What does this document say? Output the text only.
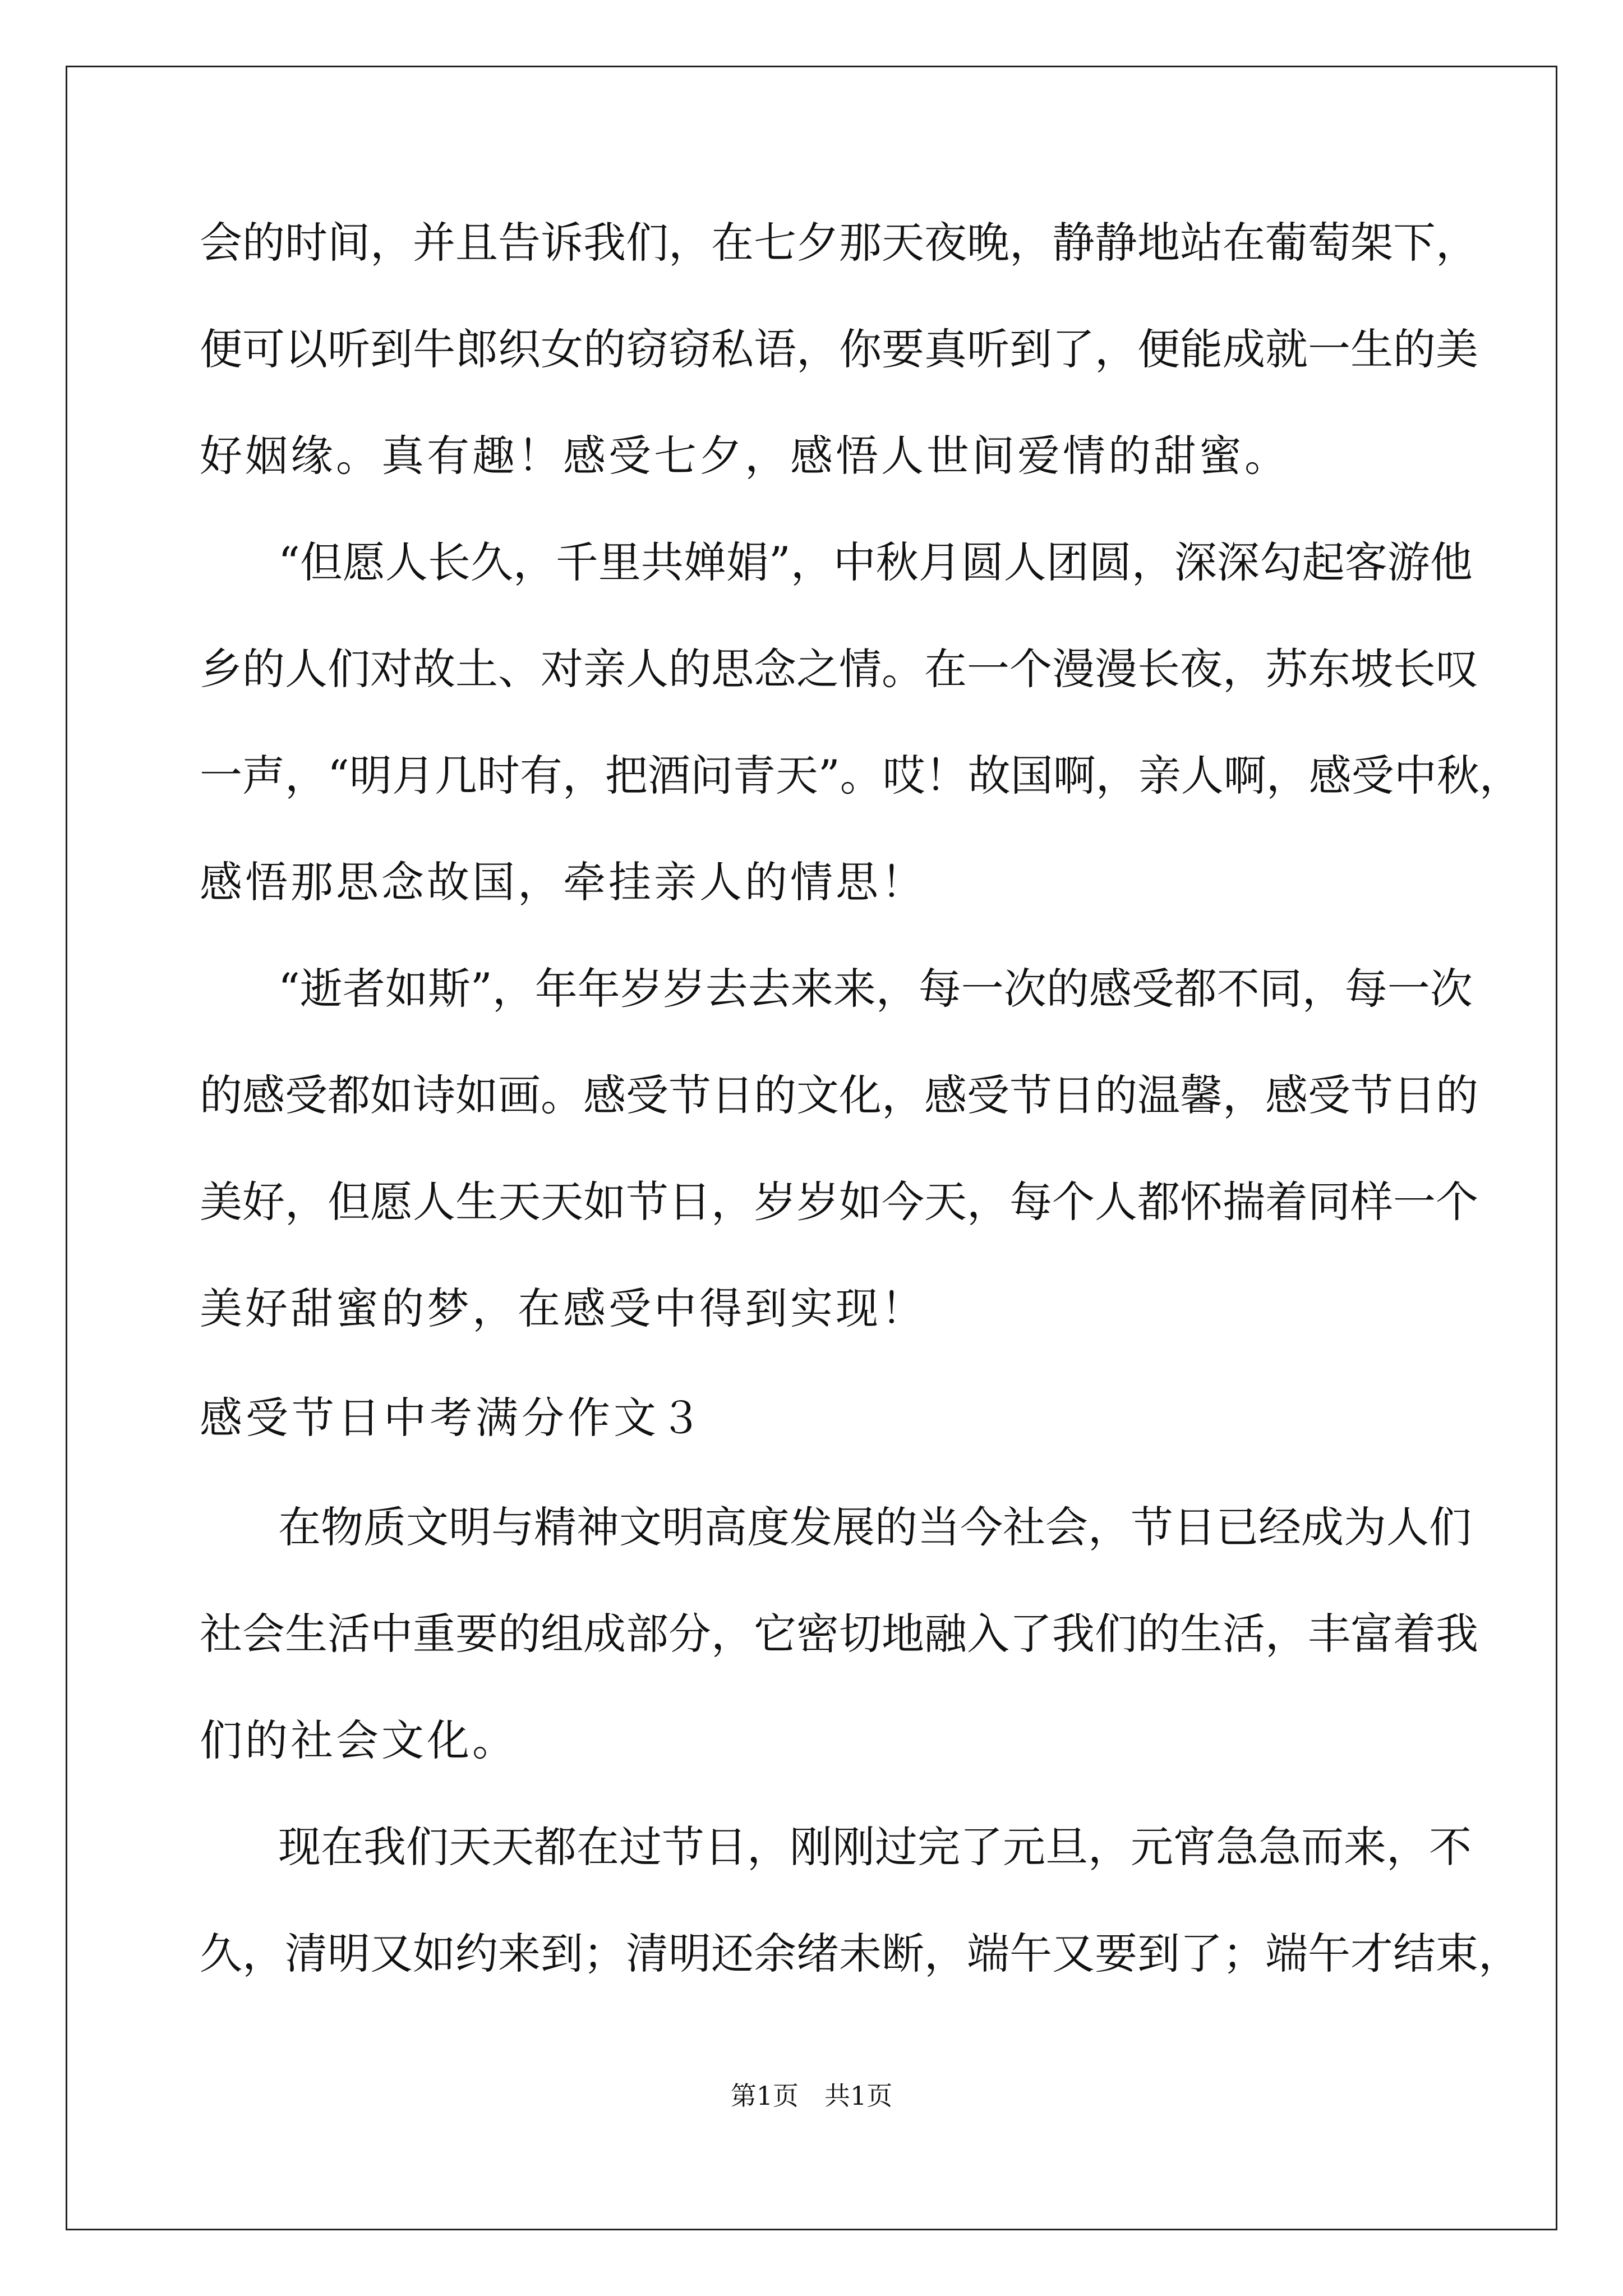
会的时间，并且告诉我们，在七夕那天夜晚，静静地站在葡萄架下，
便可以听到牛郎织女的窃窃私语，你要真听到了，便能成就一生的美
好姻缘。真有趣！感受七夕，感悟人世间爱情的甜蜜。
“但愿人长久，千里共婵娟”，中秋月圆人团圆，深深勾起客游他
乡的人们对故土、对亲人的思念之情。在一个漫漫长夜，苏东坡长叹
一声，“明月几时有，把酒问青天”。哎！故国啊，亲人啊，感受中秋，
感悟那思念故国，牵挂亲人的情思！
“逝者如斯”，年年岁岁去去来来，每一次的感受都不同，每一次
的感受都如诗如画。感受节日的文化，感受节日的温馨，感受节日的
美好，但愿人生天天如节日，岁岁如今天，每个人都怀揣着同样一个
美好甜蜜的梦，在感受中得到实现！
感受节日中考满分作文３
在物质文明与精神文明高度发展的当今社会，节日已经成为人们
社会生活中重要的组成部分，它密切地融入了我们的生活，丰富着我
们的社会文化。
现在我们天天都在过节日，刚刚过完了元旦，元宵急急而来，不
久，清明又如约来到；清明还余绪未断，端午又要到了；端午才结束，
第1页　共1页
